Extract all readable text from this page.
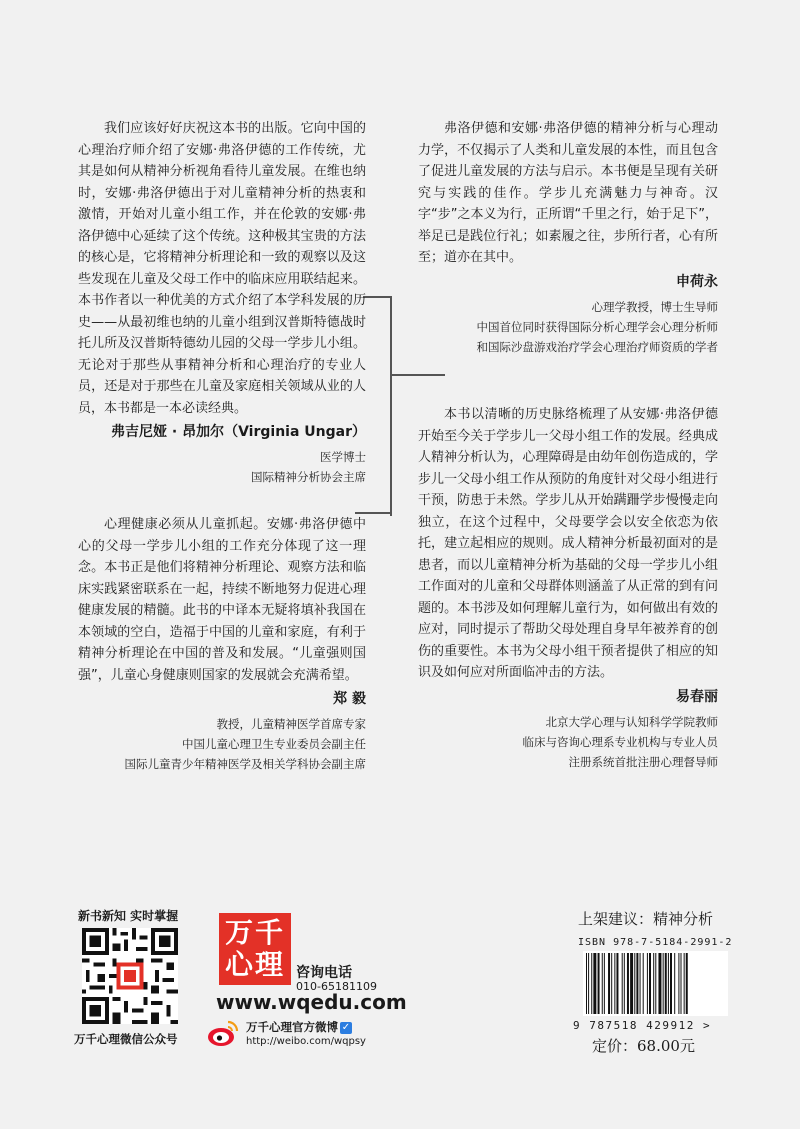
我们应该好好庆祝这本书的出版。它向中国的心理治疗师介绍了安娜·弗洛伊德的工作传统，尤其是如何从精神分析视角看待儿童发展。在维也纳时，安娜·弗洛伊德出于对儿童精神分析的热衷和激情，开始对儿童小组工作，并在伦敦的安娜·弗洛伊德中心延续了这个传统。这种极其宝贵的方法的核心是，它将精神分析理论和一致的观察以及这些发现在儿童及父母工作中的临床应用联结起来。本书作者以一种优美的方式介绍了本学科发展的历史——从最初维也纳的儿童小组到汉普斯特德战时托儿所及汉普斯特德幼儿园的父母一学步儿小组。无论对于那些从事精神分析和心理治疗的专业人员，还是对于那些在儿童及家庭相关领域从业的人员，本书都是一本必读经典。

弗吉尼娅 · 昂加尔（Virginia Ungar）
医学博士
国际精神分析协会主席

心理健康必须从儿童抓起。安娜·弗洛伊德中心的父母一学步儿小组的工作充分体现了这一理念。本书正是他们将精神分析理论、观察方法和临床实践紧密联系在一起，持续不断地努力促进心理健康发展的精髓。此书的中译本无疑将填补我国在本领域的空白，造福于中国的儿童和家庭，有利于精神分析理论在中国的普及和发展。“儿童强则国强”，儿童心身健康则国家的发展就会充满希望。

郑 毅
教授，儿童精神医学首席专家
中国儿童心理卫生专业委员会副主任
国际儿童青少年精神医学及相关学科协会副主席

弗洛伊德和安娜·弗洛伊德的精神分析与心理动力学，不仅揭示了人类和儿童发展的本性，而且包含了促进儿童发展的方法与启示。本书便是呈现有关研究与实践的佳作。学步儿充满魅力与神奇。汉字“步”之本义为行，正所谓“千里之行，始于足下”，举足已是践位行礼；如素履之往，步所行者，心有所至；道亦在其中。

申荷永
心理学教授，博士生导师
中国首位同时获得国际分析心理学会心理分析师
和国际沙盘游戏治疗学会心理治疗师资质的学者

本书以清晰的历史脉络梳理了从安娜·弗洛伊德开始至今关于学步儿一父母小组工作的发展。经典成人精神分析认为，心理障碍是由幼年创伤造成的，学步儿一父母小组工作从预防的角度针对父母小组进行干预，防患于未然。学步儿从开始蹒跚学步慢慢走向独立，在这个过程中，父母要学会以安全依恋为依托，建立起相应的规则。成人精神分析最初面对的是患者，而以儿童精神分析为基础的父母一学步儿小组工作面对的儿童和父母群体则涵盖了从正常的到有问题的。本书涉及如何理解儿童行为，如何做出有效的应对，同时提示了帮助父母处理自身早年被养育的创伤的重要性。本书为父母小组干预者提供了相应的知识及如何应对所面临冲击的方法。

易春丽
北京大学心理与认知科学学院教师
临床与咨询心理系专业机构与专业人员
注册系统首批注册心理督导师
新书新知 实时掌握
万千心理微信公众号
万千
心理 咨询电话
010-65181109
www.wqedu.com
万千心理官方微博 ✓
http://weibo.com/wqpsy
上架建议：精神分析
ISBN 978-7-5184-2991-2
9 787518 429912 >
定价：68.00元
